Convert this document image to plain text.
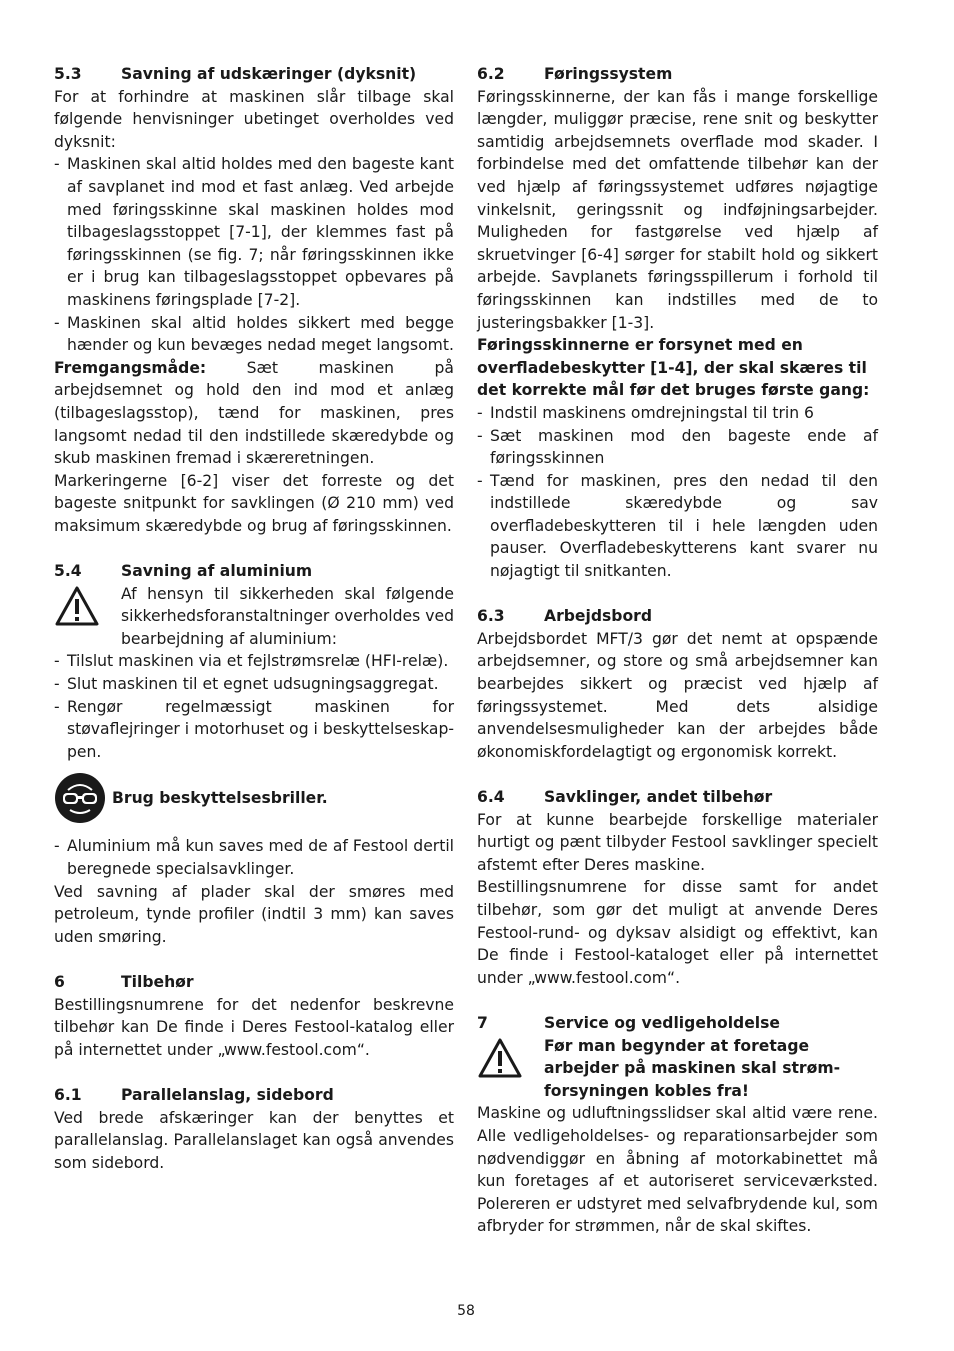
5.3	Savning af udskæringer (dyksnit)

For at forhindre at maskinen slår tilbage skal følgende henvisninger ubetinget overholdes ved dyksnit:

- Maskinen skal altid holdes med den bageste kant af savplanet ind mod et fast anlæg. Ved arbejde med føringsskinne skal maskinen holdes mod tilbageslagsstoppet [7-1], der klemmes fast på føringsskinnen (se fig. 7; når føringsskinnen ikke er i brug kan tilbageslagsstoppet opbevares på maskinens føringsplade [7-2].
- Maskinen skal altid holdes sikkert med begge hænder og kun bevæges nedad meget langsomt.

Fremgangsmåde: Sæt maskinen på arbejdsemnet og hold den ind mod et anlæg (tilbageslagsstop), tænd for maskinen, pres langsomt nedad til den indstillede skæredybde og skub maskinen fremad i skæreretningen.

Markeringerne [6-2] viser det forreste og det bageste snitpunkt for savklingen (Ø 210 mm) ved maksimum skæredybde og brug af føringsskinnen.

5.4	Savning af aluminium
Af hensyn til sikkerheden skal følgende sikkerhedsforanstaltninger overholdes ved bearbejdning af aluminium:
- Tilslut maskinen via et fejlstrømsrelæ (HFI-relæ).
- Slut maskinen til et egnet udsugningsaggregat.
- Rengør regelmæssigt maskinen for støvaflejringer i motorhuset og i beskyttelseskap-pen.
Brug beskyttelsesbriller.
- Aluminium må kun saves med de af Festool dertil beregnede specialsavklinger.

Ved savning af plader skal der smøres med petroleum, tynde profiler (indtil 3 mm) kan saves uden smøring.

6	Tilbehør

Bestillingsnumrene for det nedenfor beskrevne tilbehør kan De finde i Deres Festool-katalog eller på internettet under „www.festool.com“.

6.1	Parallelanslag, sidebord

Ved brede afskæringer kan der benyttes et parallelanslag. Parallelanslaget kan også anvendes som sidebord.

6.2	Føringssystem

Føringsskinnerne, der kan fås i mange forskellige længder, muliggør præcise, rene snit og beskytter samtidig arbejdsemnets overflade mod skader. I forbindelse med det omfattende tilbehør kan der ved hjælp af føringssystemet udføres nøjagtige vinkelsnit, geringssnit og indføjningsarbejder. Muligheden for fastgørelse ved hjælp af skruetvinger [6-4] sørger for stabilt hold og sikkert arbejde. Savplanets føringsspillerum i forhold til føringsskinnen kan indstilles med de to justeringsbakker [1-3].

Føringsskinnerne er forsynet med en overfladebeskytter [1-4], der skal skæres til det korrekte mål før det bruges første gang:

- Indstil maskinens omdrejningstal til trin 6
- Sæt maskinen mod den bageste ende af føringsskinnen
- Tænd for maskinen, pres den nedad til den indstillede skæredybde og sav overfladebeskytteren til i hele længden uden pauser. Overfladebeskytterens kant svarer nu nøjagtigt til snitkanten.
6.3	Arbejdsbord

Arbejdsbordet MFT/3 gør det nemt at opspænde arbejdsemner, og store og små arbejdsemner kan bearbejdes sikkert og præcist ved hjælp af føringssystemet. Med dets alsidige anvendelsesmuligheder kan der arbejdes både økonomiskfordelagtigt og ergonomisk korrekt.

6.4	Savklinger, andet tilbehør

For at kunne bearbejde forskellige materialer hurtigt og pænt tilbyder Festool savklinger specielt afstemt efter Deres maskine.

Bestillingsnumrene for disse samt for andet tilbehør, som gør det muligt at anvende Deres Festool-rund- og dyksav alsidigt og effektivt, kan De finde i Festool-kataloget eller på internettet under „www.festool.com“.

7	Service og vedligeholdelse
Før man begynder at foretage arbejder på maskinen skal strøm-forsyningen kobles fra!

Maskine og udluftningsslidser skal altid være rene. Alle vedligeholdelses- og reparationsarbejder som nødvendiggør en åbning af motorkabinettet må kun foretages af et autoriseret serviceværksted. Polereren er udstyret med selvafbrydende kul, som afbryder for strømmen, når de skal skiftes.

58
